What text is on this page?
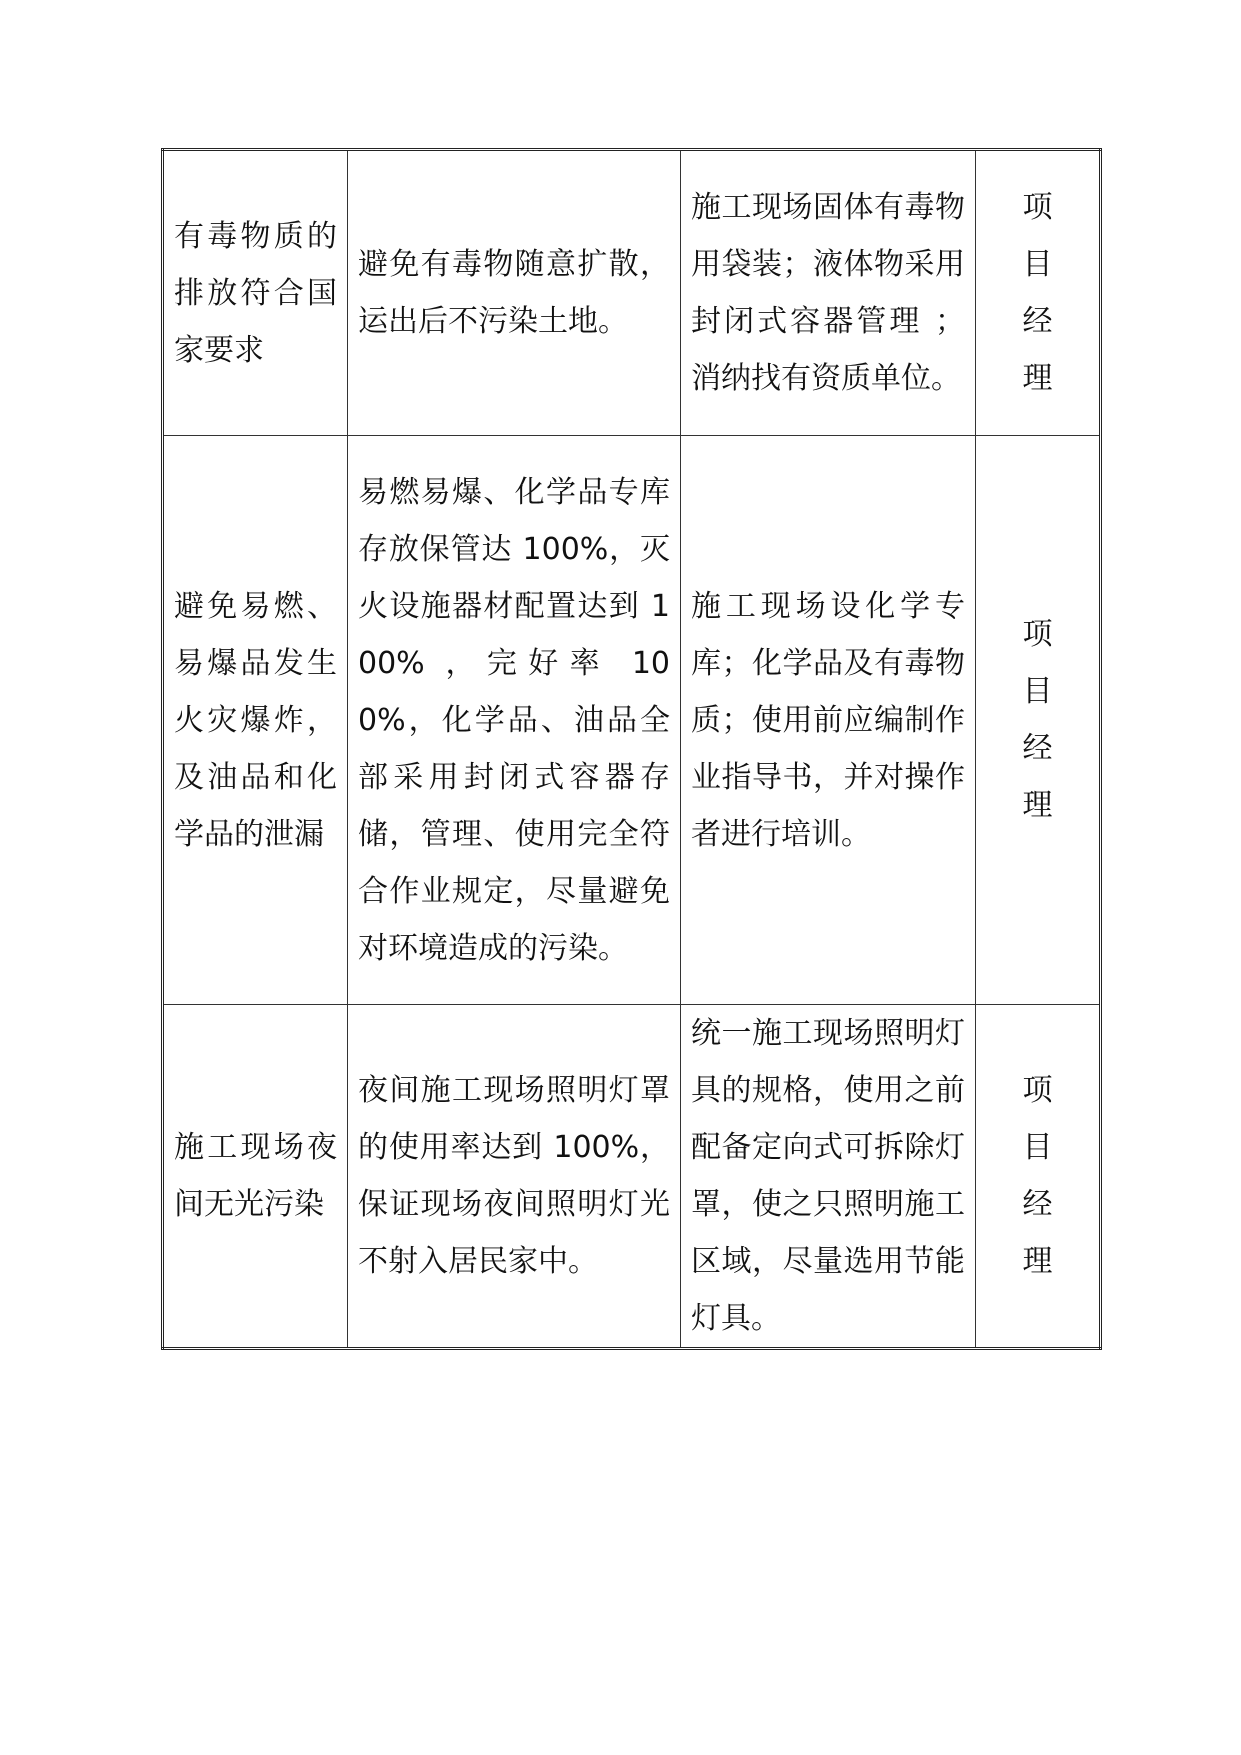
有毒物质的排放符合国家要求	避免有毒物随意扩散，运出后不污染土地。	施工现场固体有毒物用袋装；液体物采用封闭式容器管理 ；消纳找有资质单位。	项目经理

避免易燃、易爆品发生火灾爆炸，及油品和化学品的泄漏	易燃易爆、化学品专库存放保管达 100%，灭火设施器材配置达到 100% ，完好率 100%，化学品、油品全部采用封闭式容器存储，管理、使用完全符合作业规定，尽量避免对环境造成的污染。	施工现场设化学专库；化学品及有毒物质；使用前应编制作业指导书，并对操作者进行培训。	项目经理

施工现场夜间无光污染	夜间施工现场照明灯罩的使用率达到 100%，保证现场夜间照明灯光不射入居民家中。	统一施工现场照明灯具的规格，使用之前配备定向式可拆除灯罩，使之只照明施工区域，尽量选用节能灯具。	项目经理
